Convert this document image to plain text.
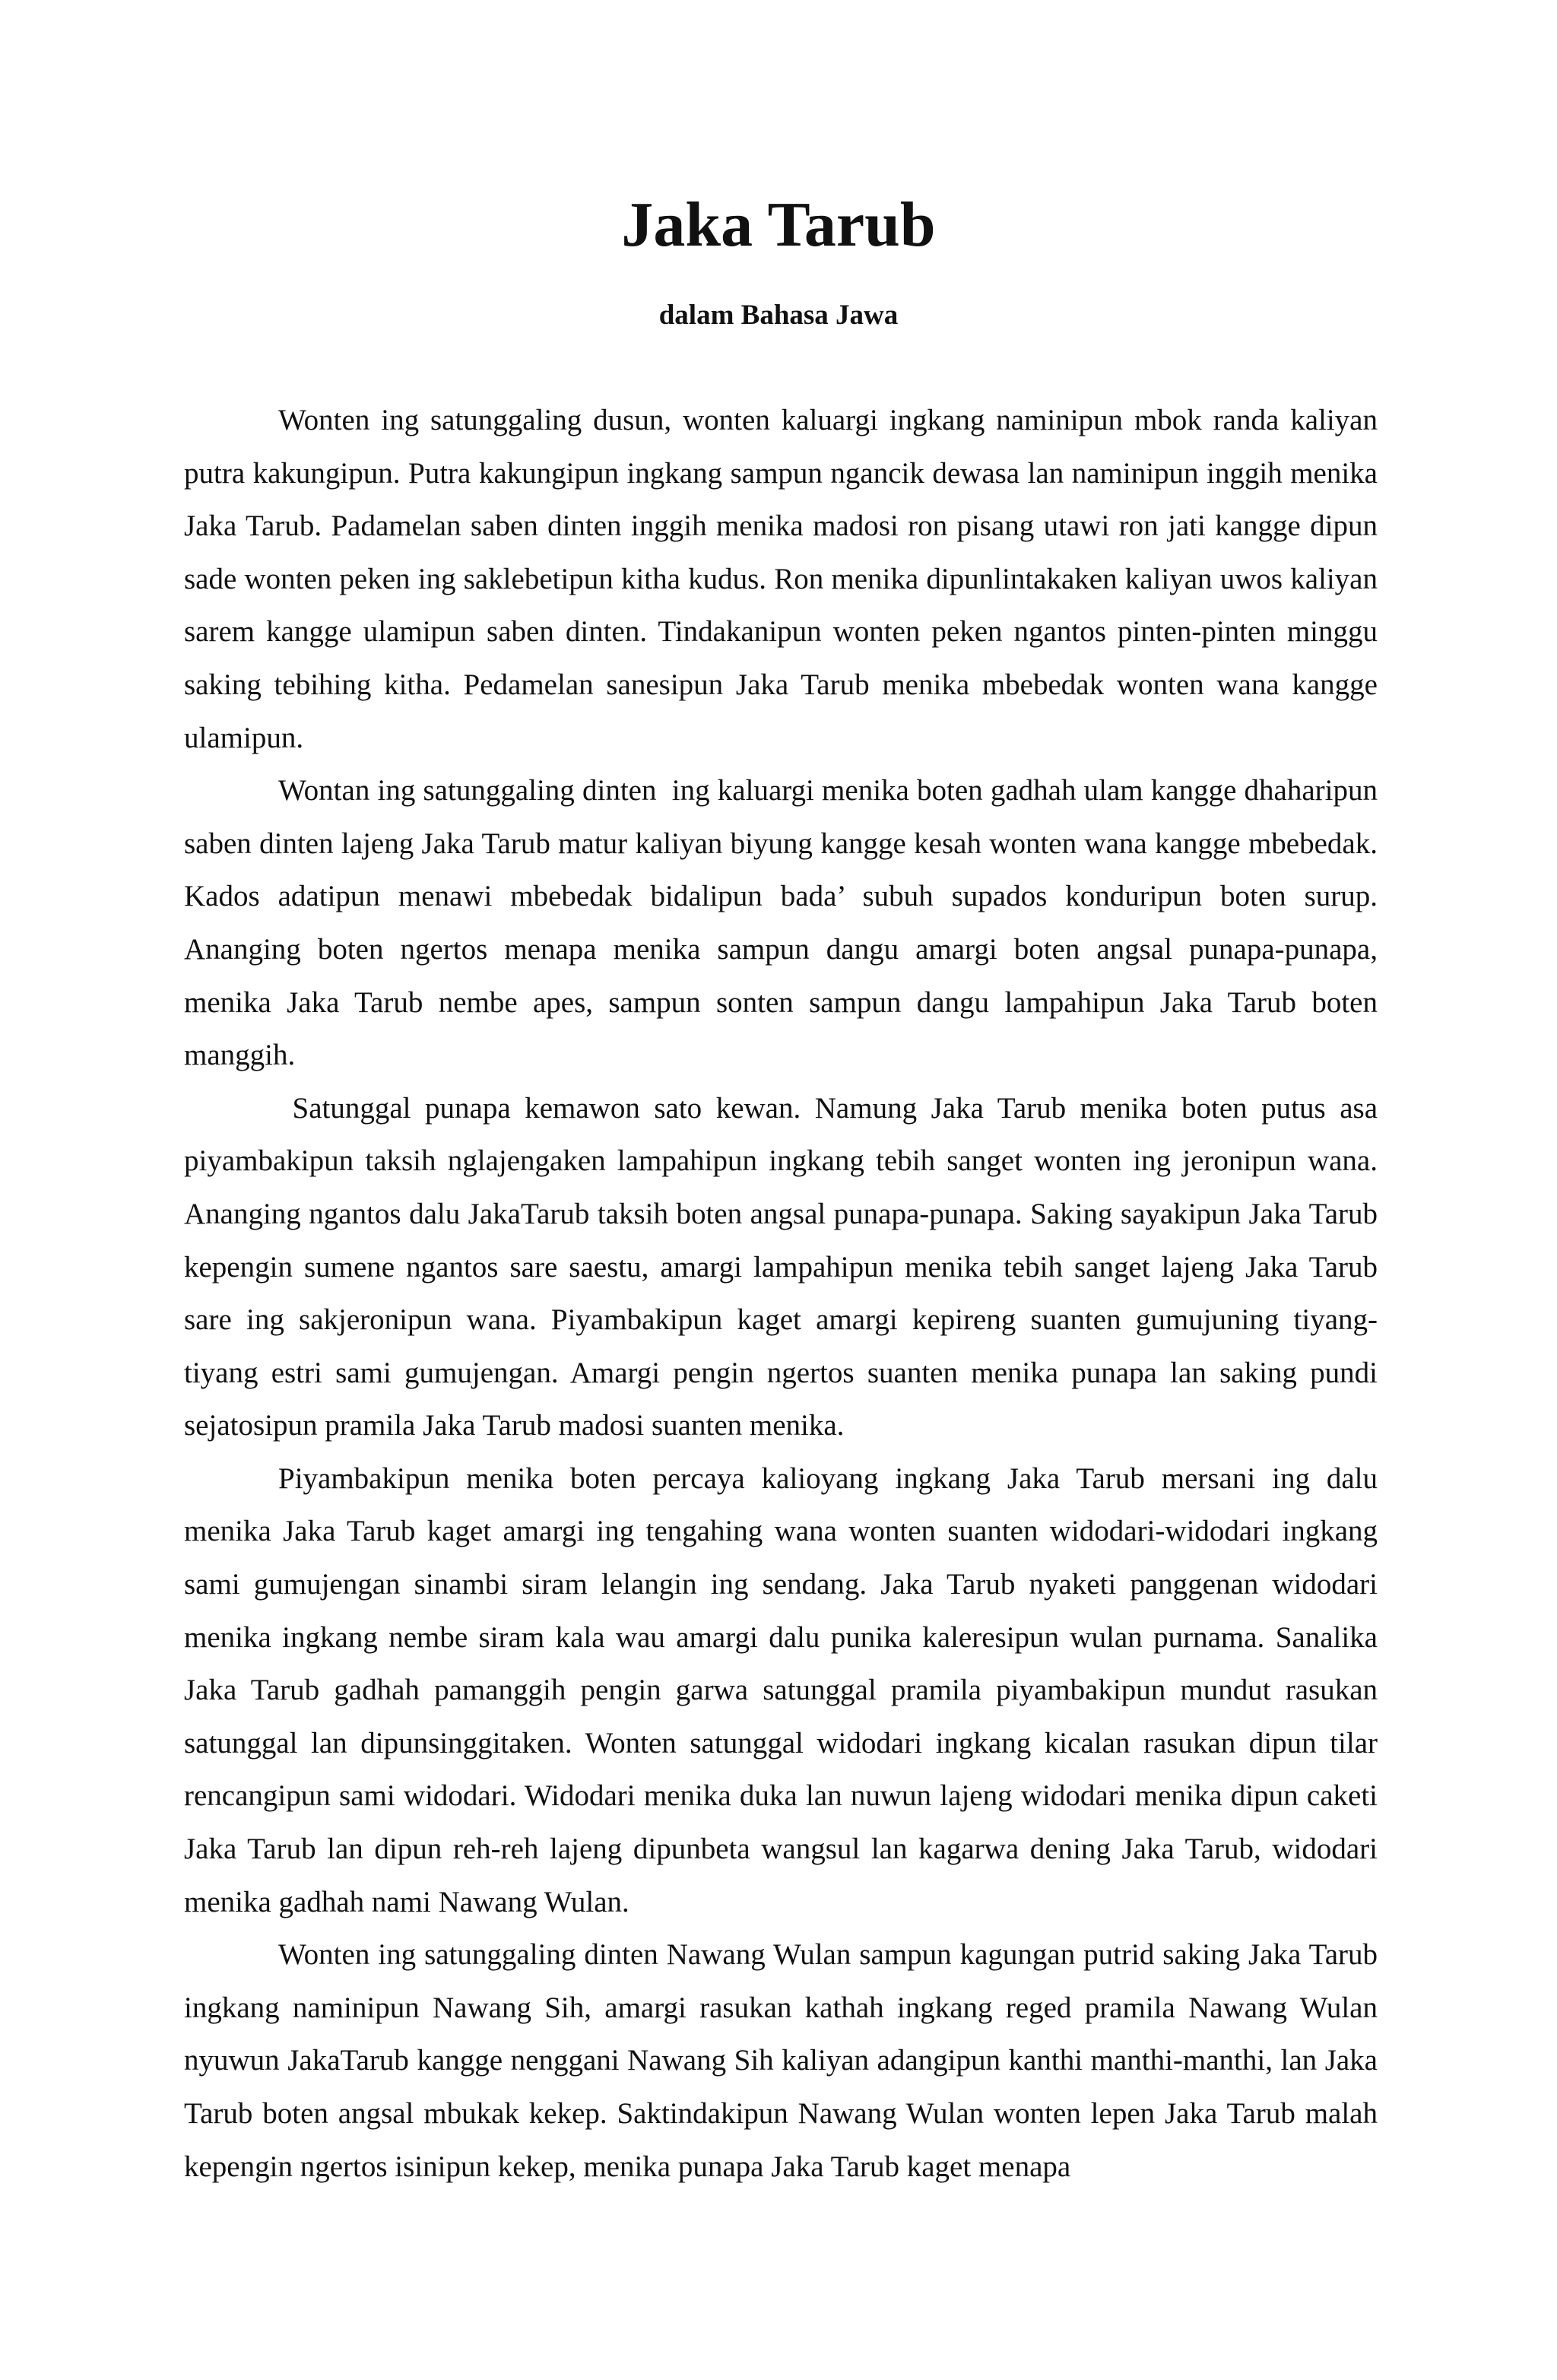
Jaka Tarub

dalam Bahasa Jawa

Wonten ing satunggaling dusun, wonten kaluargi ingkang naminipun mbok randa kaliyan putra kakungipun. Putra kakungipun ingkang sampun ngancik dewasa lan naminipun inggih menika Jaka Tarub. Padamelan saben dinten inggih menika madosi ron pisang utawi ron jati kangge dipun sade wonten peken ing saklebetipun kitha kudus. Ron menika dipunlintakaken kaliyan uwos kaliyan sarem kangge ulamipun saben dinten. Tindakanipun wonten peken ngantos pinten-pinten minggu saking tebihing kitha. Pedamelan sanesipun Jaka Tarub menika mbebedak wonten wana kangge ulamipun.

Wontan ing satunggaling dinten  ing kaluargi menika boten gadhah ulam kangge dhaharipun saben dinten lajeng Jaka Tarub matur kaliyan biyung kangge kesah wonten wana kangge mbebedak. Kados adatipun menawi mbebedak bidalipun bada’ subuh supados konduripun boten surup. Ananging boten ngertos menapa menika sampun dangu amargi boten angsal punapa-punapa, menika Jaka Tarub nembe apes, sampun sonten sampun dangu lampahipun Jaka Tarub boten manggih.

Satunggal punapa kemawon sato kewan. Namung Jaka Tarub menika boten putus asa piyambakipun taksih nglajengaken lampahipun ingkang tebih sanget wonten ing jeronipun wana. Ananging ngantos dalu JakaTarub taksih boten angsal punapa-punapa. Saking sayakipun Jaka Tarub kepengin sumene ngantos sare saestu, amargi lampahipun menika tebih sanget lajeng Jaka Tarub sare ing sakjeronipun wana. Piyambakipun kaget amargi kepireng suanten gumujuning tiyang-tiyang estri sami gumujengan. Amargi pengin ngertos suanten menika punapa lan saking pundi sejatosipun pramila Jaka Tarub madosi suanten menika.

Piyambakipun menika boten percaya kalioyang ingkang Jaka Tarub mersani ing dalu menika Jaka Tarub kaget amargi ing tengahing wana wonten suanten widodari-widodari ingkang sami gumujengan sinambi siram lelangin ing sendang. Jaka Tarub nyaketi panggenan widodari menika ingkang nembe siram kala wau amargi dalu punika kaleresipun wulan purnama. Sanalika Jaka Tarub gadhah pamanggih pengin garwa satunggal pramila piyambakipun mundut rasukan satunggal lan dipunsinggitaken. Wonten satunggal widodari ingkang kicalan rasukan dipun tilar rencangipun sami widodari. Widodari menika duka lan nuwun lajeng widodari menika dipun caketi Jaka Tarub lan dipun reh-reh lajeng dipunbeta wangsul lan kagarwa dening Jaka Tarub, widodari menika gadhah nami Nawang Wulan.

Wonten ing satunggaling dinten Nawang Wulan sampun kagungan putrid saking Jaka Tarub ingkang naminipun Nawang Sih, amargi rasukan kathah ingkang reged pramila Nawang Wulan nyuwun JakaTarub kangge nenggani Nawang Sih kaliyan adangipun kanthi manthi-manthi, lan Jaka Tarub boten angsal mbukak kekep. Saktindakipun Nawang Wulan wonten lepen Jaka Tarub malah kepengin ngertos isinipun kekep, menika punapa Jaka Tarub kaget menapa
